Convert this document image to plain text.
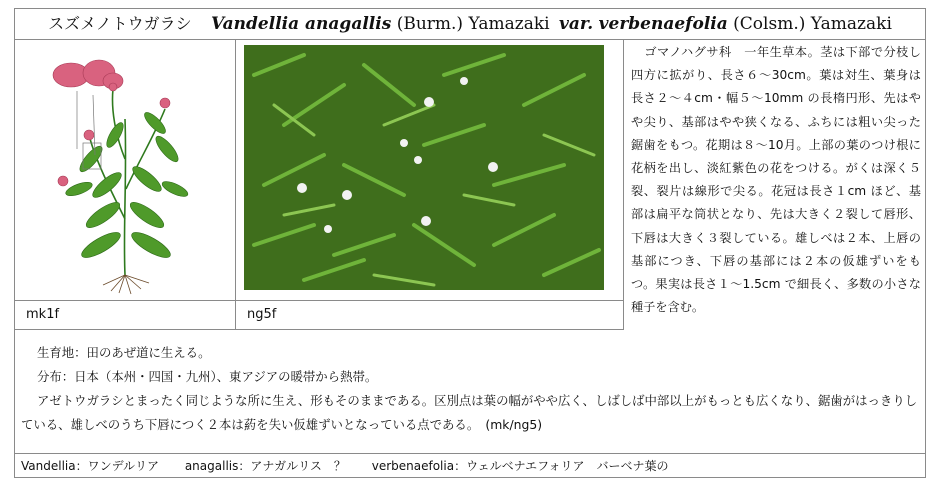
スズメノトウガラシ Vandellia anagallis (Burm.) Yamazaki var. verbenaefolia (Colsm.) Yamazaki
mk1f	ng5f
ゴマノハグサ科　一年生草本。茎は下部で分枝し四方に拡がり、長さ６～30cm。葉は対生、葉身は長さ２～４cm・幅５～10mm の長楕円形、先はやや尖り、基部はやや狭くなる、ふちには粗い尖った鋸歯をもつ。花期は８～10月。上部の葉のつけ根に花柄を出し、淡紅紫色の花をつける。がくは深く５裂、裂片は線形で尖る。花冠は長さ１cm ほど、基部は扁平な筒状となり、先は大きく２裂して唇形、下唇は大きく３裂している。雄しべは２本、上唇の基部につき、下唇の基部には２本の仮雄ずいをもつ。果実は長さ１～1.5cm で細長く、多数の小さな種子を含む。

生育地：田のあぜ道に生える。

分布：日本（本州・四国・九州）、東アジアの暖帯から熱帯。

アゼトウガラシとまったく同じような所に生え、形もそのままである。区別点は葉の幅がやや広く、しばしば中部以上がもっとも広くなり、鋸歯がはっきりし

ている、雄しべのうち下唇につく２本は葯を失い仮雄ずいとなっている点である。　(mk/ng5)

Vandellia：ワンデルリア anagallis：アナガルリス　？ verbenaefolia：ウェルベナエフォリア　バーベナ葉の
